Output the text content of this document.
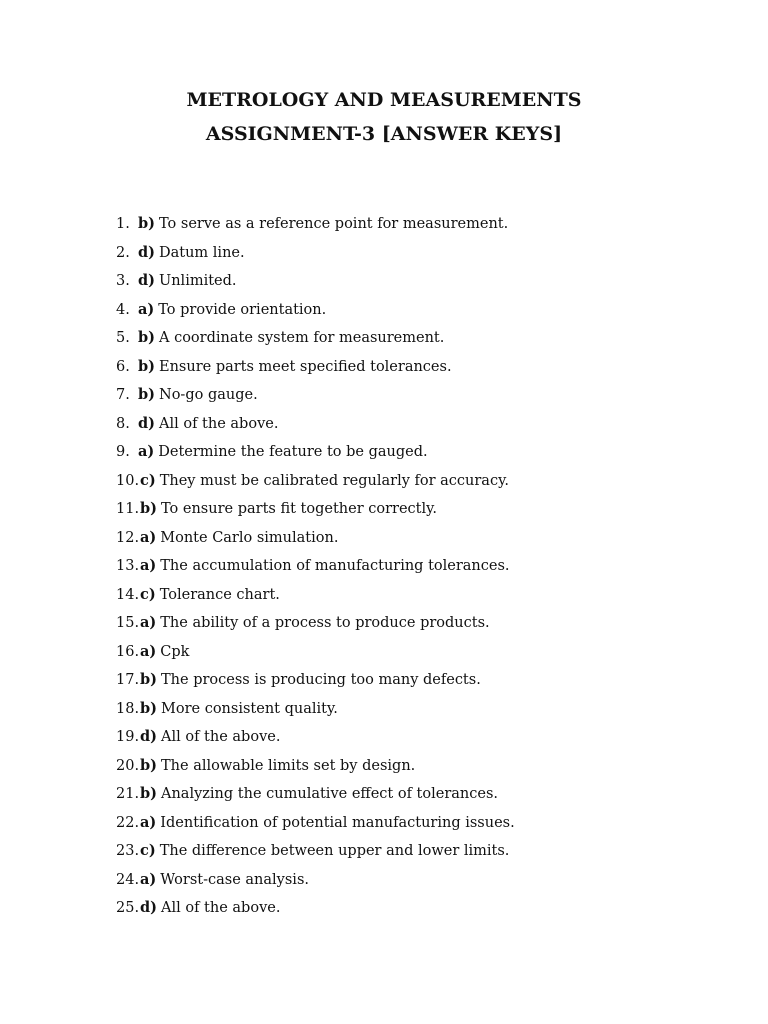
METROLOGY AND MEASUREMENTS
ASSIGNMENT-3 [ANSWER KEYS]
1. b) To serve as a reference point for measurement.
2. d) Datum line.
3. d) Unlimited.
4. a) To provide orientation.
5. b) A coordinate system for measurement.
6. b) Ensure parts meet specified tolerances.
7. b) No-go gauge.
8. d) All of the above.
9. a) Determine the feature to be gauged.
10. c) They must be calibrated regularly for accuracy.
11. b) To ensure parts fit together correctly.
12. a) Monte Carlo simulation.
13. a) The accumulation of manufacturing tolerances.
14. c) Tolerance chart.
15. a) The ability of a process to produce products.
16. a) Cpk
17. b) The process is producing too many defects.
18. b) More consistent quality.
19. d) All of the above.
20. b) The allowable limits set by design.
21. b) Analyzing the cumulative effect of tolerances.
22. a) Identification of potential manufacturing issues.
23. c) The difference between upper and lower limits.
24. a) Worst-case analysis.
25. d) All of the above.
